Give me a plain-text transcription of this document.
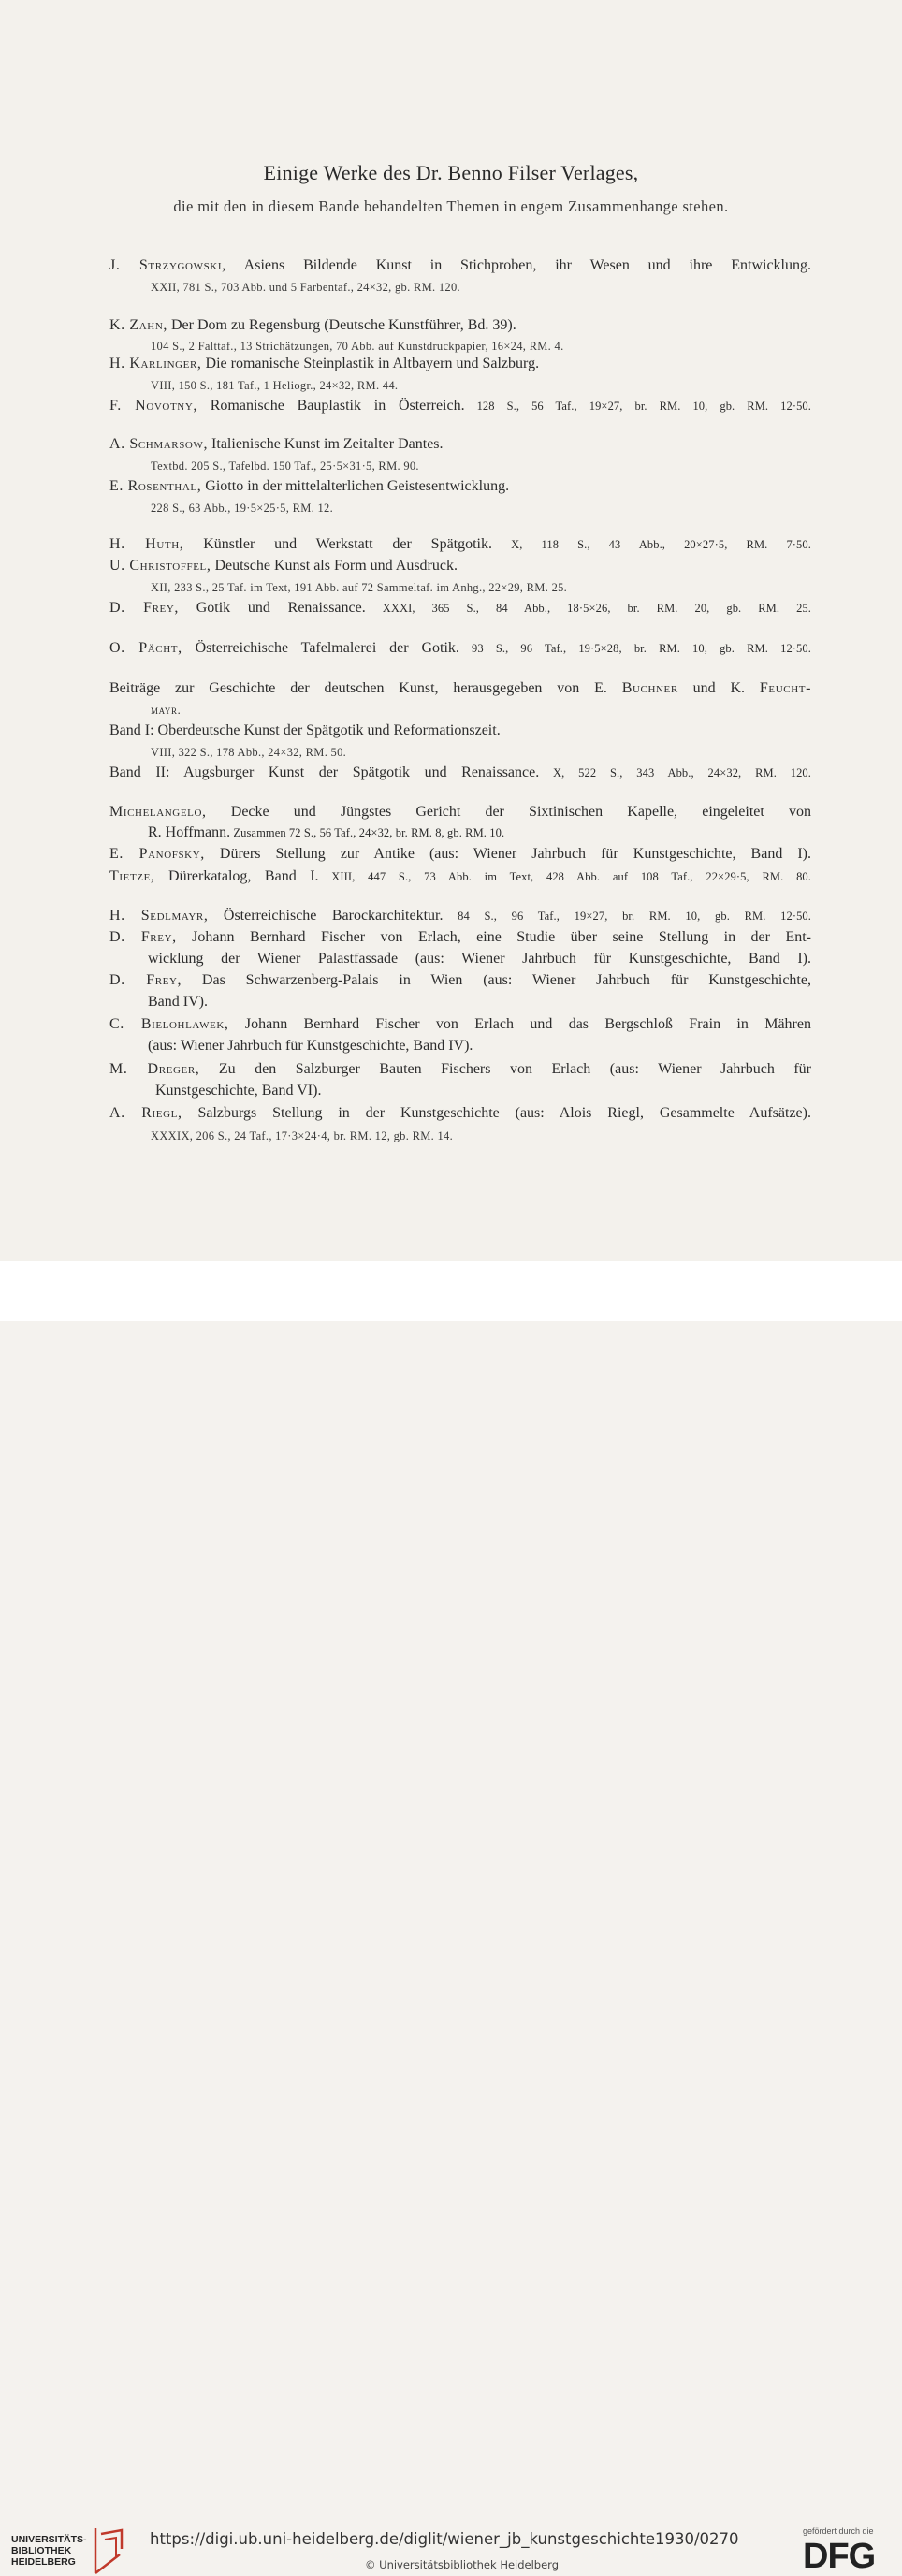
Einige Werke des Dr. Benno Filser Verlages,
die mit den in diesem Bande behandelten Themen in engem Zusammenhange stehen.
J. Strzygowski, Asiens Bildende Kunst in Stichproben, ihr Wesen und ihre Entwicklung.
XXII, 781 S., 703 Abb. und 5 Farbentaf., 24×32, gb. RM. 120.
K. Zahn, Der Dom zu Regensburg (Deutsche Kunstführer, Bd. 39).
104 S., 2 Falttaf., 13 Strichätzungen, 70 Abb. auf Kunstdruckpapier, 16×24, RM. 4.
H. Karlinger, Die romanische Steinplastik in Altbayern und Salzburg.
VIII, 150 S., 181 Taf., 1 Heliogr., 24×32, RM. 44.
F. Novotny, Romanische Bauplastik in Österreich. 128 S., 56 Taf., 19×27, br. RM. 10, gb. RM. 12·50.
A. Schmarsow, Italienische Kunst im Zeitalter Dantes.
Textbd. 205 S., Tafelbd. 150 Taf., 25·5×31·5, RM. 90.
E. Rosenthal, Giotto in der mittelalterlichen Geistesentwicklung.
228 S., 63 Abb., 19·5×25·5, RM. 12.
H. Huth, Künstler und Werkstatt der Spätgotik. X, 118 S., 43 Abb., 20×27·5, RM. 7·50.
U. Christoffel, Deutsche Kunst als Form und Ausdruck.
XII, 233 S., 25 Taf. im Text, 191 Abb. auf 72 Sammeltaf. im Anhg., 22×29, RM. 25.
D. Frey, Gotik und Renaissance. XXXI, 365 S., 84 Abb., 18·5×26, br. RM. 20, gb. RM. 25.
O. Pächt, Österreichische Tafelmalerei der Gotik. 93 S., 96 Taf., 19·5×28, br. RM. 10, gb. RM. 12·50.
Beiträge zur Geschichte der deutschen Kunst, herausgegeben von E. Buchner und K. Feucht-
mayr.
Band I: Oberdeutsche Kunst der Spätgotik und Reformationszeit.
VIII, 322 S., 178 Abb., 24×32, RM. 50.
Band II: Augsburger Kunst der Spätgotik und Renaissance. X, 522 S., 343 Abb., 24×32, RM. 120.
Michelangelo, Decke und Jüngstes Gericht der Sixtinischen Kapelle, eingeleitet von
R. Hoffmann. Zusammen 72 S., 56 Taf., 24×32, br. RM. 8, gb. RM. 10.
E. Panofsky, Dürers Stellung zur Antike (aus: Wiener Jahrbuch für Kunstgeschichte, Band I).
Tietze, Dürerkatalog, Band I. XIII, 447 S., 73 Abb. im Text, 428 Abb. auf 108 Taf., 22×29·5, RM. 80.
H. Sedlmayr, Österreichische Barockarchitektur. 84 S., 96 Taf., 19×27, br. RM. 10, gb. RM. 12·50.
D. Frey, Johann Bernhard Fischer von Erlach, eine Studie über seine Stellung in der Ent-
wicklung der Wiener Palastfassade (aus: Wiener Jahrbuch für Kunstgeschichte, Band I).
D. Frey, Das Schwarzenberg-Palais in Wien (aus: Wiener Jahrbuch für Kunstgeschichte,
Band IV).
C. Bielohlawek, Johann Bernhard Fischer von Erlach und das Bergschloß Frain in Mähren
(aus: Wiener Jahrbuch für Kunstgeschichte, Band IV).
M. Dreger, Zu den Salzburger Bauten Fischers von Erlach (aus: Wiener Jahrbuch für
Kunstgeschichte, Band VI).
A. Riegl, Salzburgs Stellung in der Kunstgeschichte (aus: Alois Riegl, Gesammelte Aufsätze).
XXXIX, 206 S., 24 Taf., 17·3×24·4, br. RM. 12, gb. RM. 14.
UNIVERSITÄTS-
BIBLIOTHEK
HEIDELBERG
https://digi.ub.uni-heidelberg.de/diglit/wiener_jb_kunstgeschichte1930/0270
© Universitätsbibliothek Heidelberg
gefördert durch die
DFG
